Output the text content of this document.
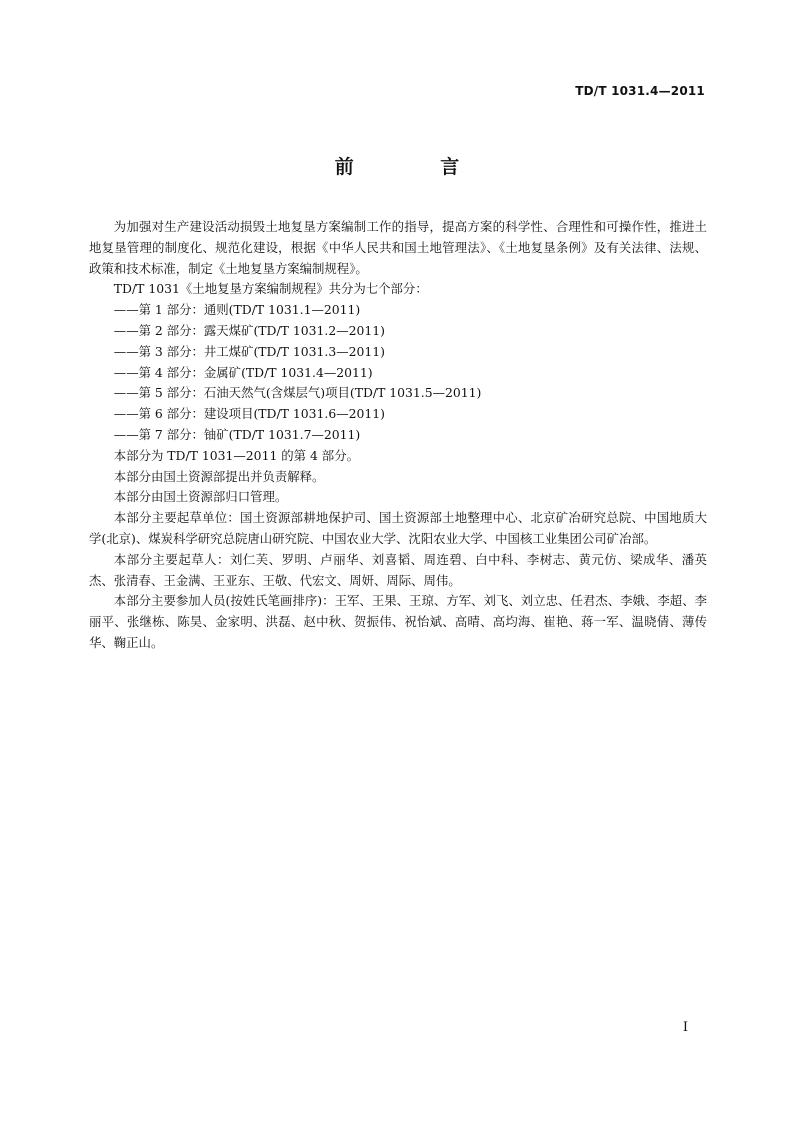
TD/T 1031.4—2011
前 言

为加强对生产建设活动损毁土地复垦方案编制工作的指导，提高方案的科学性、合理性和可操作性，推进土地复垦管理的制度化、规范化建设，根据《中华人民共和国土地管理法》、《土地复垦条例》及有关法律、法规、政策和技术标准，制定《土地复垦方案编制规程》。

TD/T 1031《土地复垦方案编制规程》共分为七个部分：

——第 1 部分：通则(TD/T 1031.1—2011)

——第 2 部分：露天煤矿(TD/T 1031.2—2011)

——第 3 部分：井工煤矿(TD/T 1031.3—2011)

——第 4 部分：金属矿(TD/T 1031.4—2011)

——第 5 部分：石油天然气(含煤层气)项目(TD/T 1031.5—2011)

——第 6 部分：建设项目(TD/T 1031.6—2011)

——第 7 部分：铀矿(TD/T 1031.7—2011)

本部分为 TD/T 1031—2011 的第 4 部分。

本部分由国土资源部提出并负责解释。

本部分由国土资源部归口管理。

本部分主要起草单位：国土资源部耕地保护司、国土资源部土地整理中心、北京矿冶研究总院、中国地质大学(北京)、煤炭科学研究总院唐山研究院、中国农业大学、沈阳农业大学、中国核工业集团公司矿冶部。

本部分主要起草人：刘仁芙、罗明、卢丽华、刘喜韬、周连碧、白中科、李树志、黄元仿、梁成华、潘英杰、张清春、王金满、王亚东、王敬、代宏文、周妍、周际、周伟。

本部分主要参加人员(按姓氏笔画排序)：王军、王果、王琼、方军、刘飞、刘立忠、任君杰、李娥、李超、李丽平、张继栋、陈昊、金家明、洪磊、赵中秋、贺振伟、祝怡斌、高晴、高均海、崔艳、蒋一军、温晓倩、薄传华、鞠正山。

I
